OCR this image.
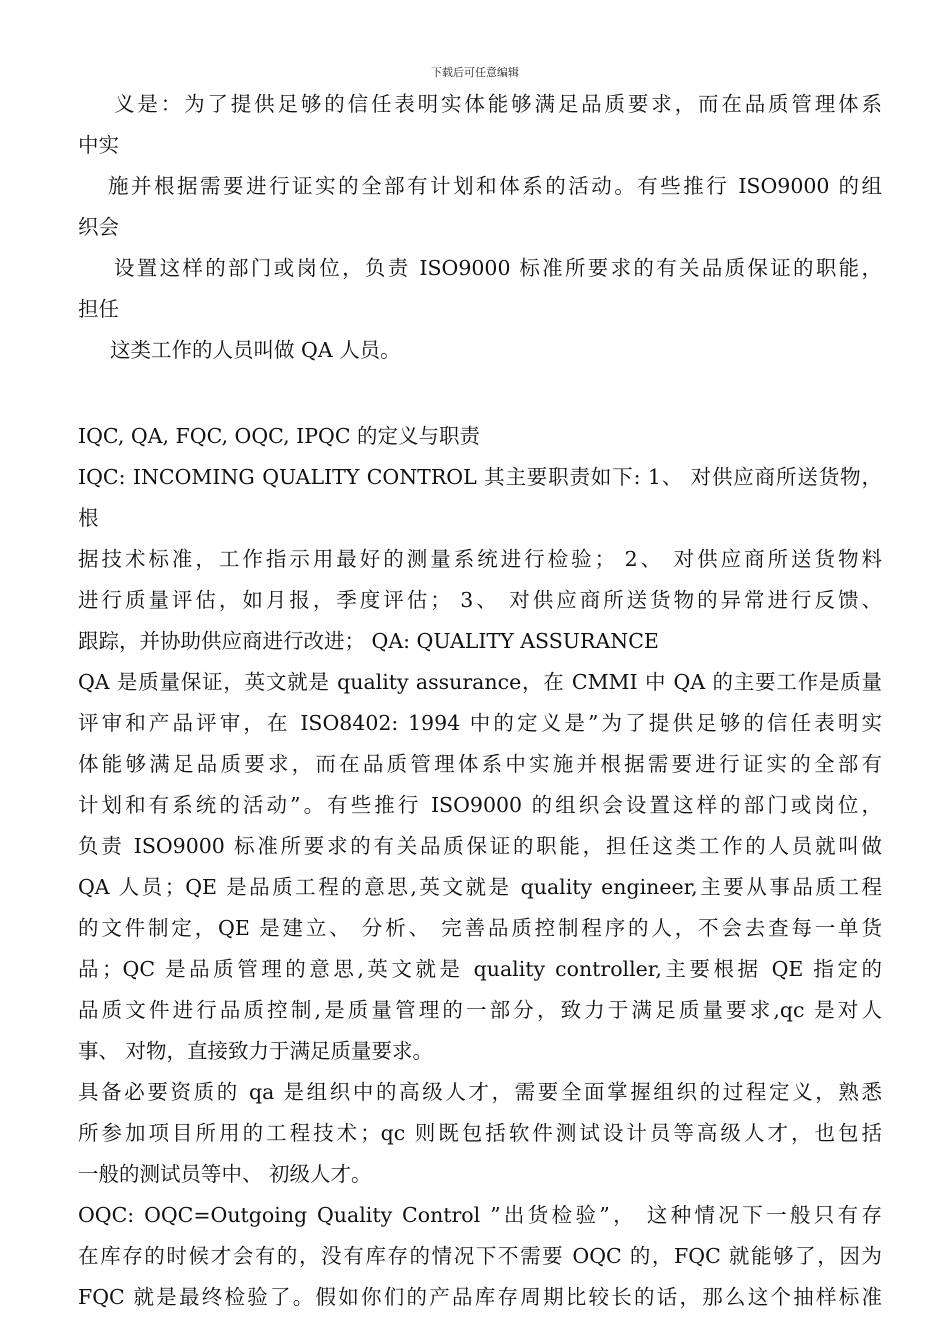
下载后可任意编辑

义是：为了提供足够的信任表明实体能够满足品质要求，而在品质管理体系

中实

施并根据需要进行证实的全部有计划和体系的活动。有些推行 ISO9000 的组

织会

设置这样的部门或岗位，负责 ISO9000 标准所要求的有关品质保证的职能，

担任

这类工作的人员叫做 QA 人员。

IQC, QA, FQC, OQC, IPQC 的定义与职责

IQC: INCOMING QUALITY CONTROL 其主要职责如下: 1、 对供应商所送货物，根

据技术标准，工作指示用最好的测量系统进行检验； 2、 对供应商所送货物料

进行质量评估，如月报，季度评估； 3、 对供应商所送货物的异常进行反馈、

跟踪，并协助供应商进行改进； QA: QUALITY ASSURANCE

QA 是质量保证，英文就是 quality assurance，在 CMMI 中 QA 的主要工作是质量

评审和产品评审，在 ISO8402: 1994 中的定义是”为了提供足够的信任表明实

体能够满足品质要求，而在品质管理体系中实施并根据需要进行证实的全部有

计划和有系统的活动”。有些推行 ISO9000 的组织会设置这样的部门或岗位，

负责 ISO9000 标准所要求的有关品质保证的职能，担任这类工作的人员就叫做

QA 人员；QE 是品质工程的意思,英文就是 quality engineer,主要从事品质工程

的文件制定，QE 是建立、 分析、 完善品质控制程序的人，不会去查每一单货

品；QC 是品质管理的意思,英文就是 quality controller,主要根据 QE 指定的

品质文件进行品质控制,是质量管理的一部分，致力于满足质量要求,qc 是对人

事、 对物，直接致力于满足质量要求。

具备必要资质的 qa 是组织中的高级人才，需要全面掌握组织的过程定义，熟悉

所参加项目所用的工程技术；qc 则既包括软件测试设计员等高级人才，也包括

一般的测试员等中、 初级人才。

OQC: OQC=Outgoing Quality Control ”出货检验”， 这种情况下一般只有存

在库存的时候才会有的，没有库存的情况下不需要 OQC 的，FQC 就能够了，因为

FQC 就是最终检验了。假如你们的产品库存周期比较长的话，那么这个抽样标准
